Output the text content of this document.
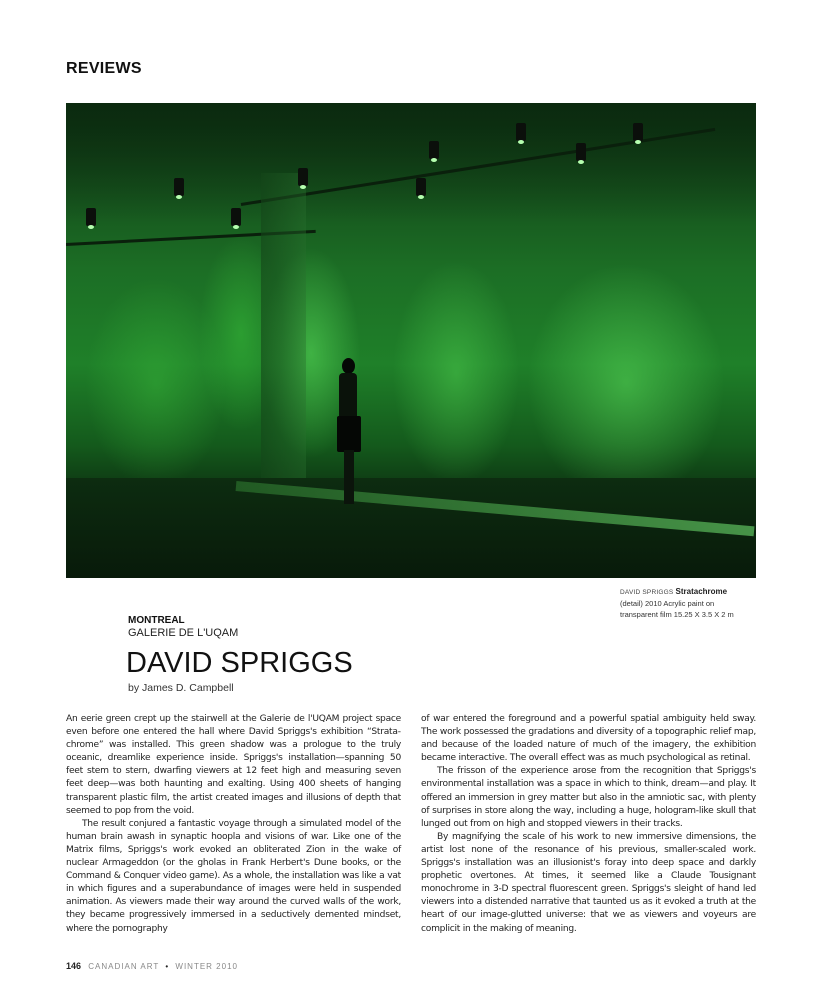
REVIEWS
DAVID SPRIGGS Stratachrome
(detail) 2010 Acrylic paint on
transparent film 15.25 X 3.5 X 2 m
MONTREAL
GALERIE DE L'UQAM
DAVID SPRIGGS
by James D. Campbell

An eerie green crept up the stairwell at the Galerie de l'UQAM project space even before one entered the hall where David Spriggs's exhibition “Stratachrome” was installed. This green shadow was a prologue to the truly oceanic, dreamlike experience inside. Spriggs's installation—spanning 50 feet stem to stern, dwarfing viewers at 12 feet high and measuring seven feet deep—was both haunting and exalting. Using 400 sheets of hanging transparent plastic film, the artist created images and illusions of depth that seemed to pop from the void.

The result conjured a fantastic voyage through a simulated model of the human brain awash in synaptic hoopla and visions of war. Like one of the Matrix films, Spriggs's work evoked an obliterated Zion in the wake of nuclear Armageddon (or the gholas in Frank Herbert's Dune books, or the Command & Conquer video game). As a whole, the installation was like a vat in which figures and a superabundance of images were held in suspended animation. As viewers made their way around the curved walls of the work, they became progressively immersed in a seductively demented mindset, where the pornography

of war entered the foreground and a powerful spatial ambiguity held sway. The work possessed the gradations and diversity of a topographic relief map, and because of the loaded nature of much of the imagery, the exhibition became interactive. The overall effect was as much psychological as retinal.

The frisson of the experience arose from the recognition that Spriggs's environmental installation was a space in which to think, dream—and play. It offered an immersion in grey matter but also in the amniotic sac, with plenty of surprises in store along the way, including a huge, hologram-like skull that lunged out from on high and stopped viewers in their tracks.

By magnifying the scale of his work to new immersive dimensions, the artist lost none of the resonance of his previous, smaller-scaled work. Spriggs's installation was an illusionist's foray into deep space and darkly prophetic overtones. At times, it seemed like a Claude Tousignant monochrome in 3-D spectral fluorescent green. Spriggs's sleight of hand led viewers into a distended narrative that taunted us as it evoked a truth at the heart of our image-glutted universe: that we as viewers and voyeurs are complicit in the making of meaning.

146 CANADIAN ART • WINTER 2010
